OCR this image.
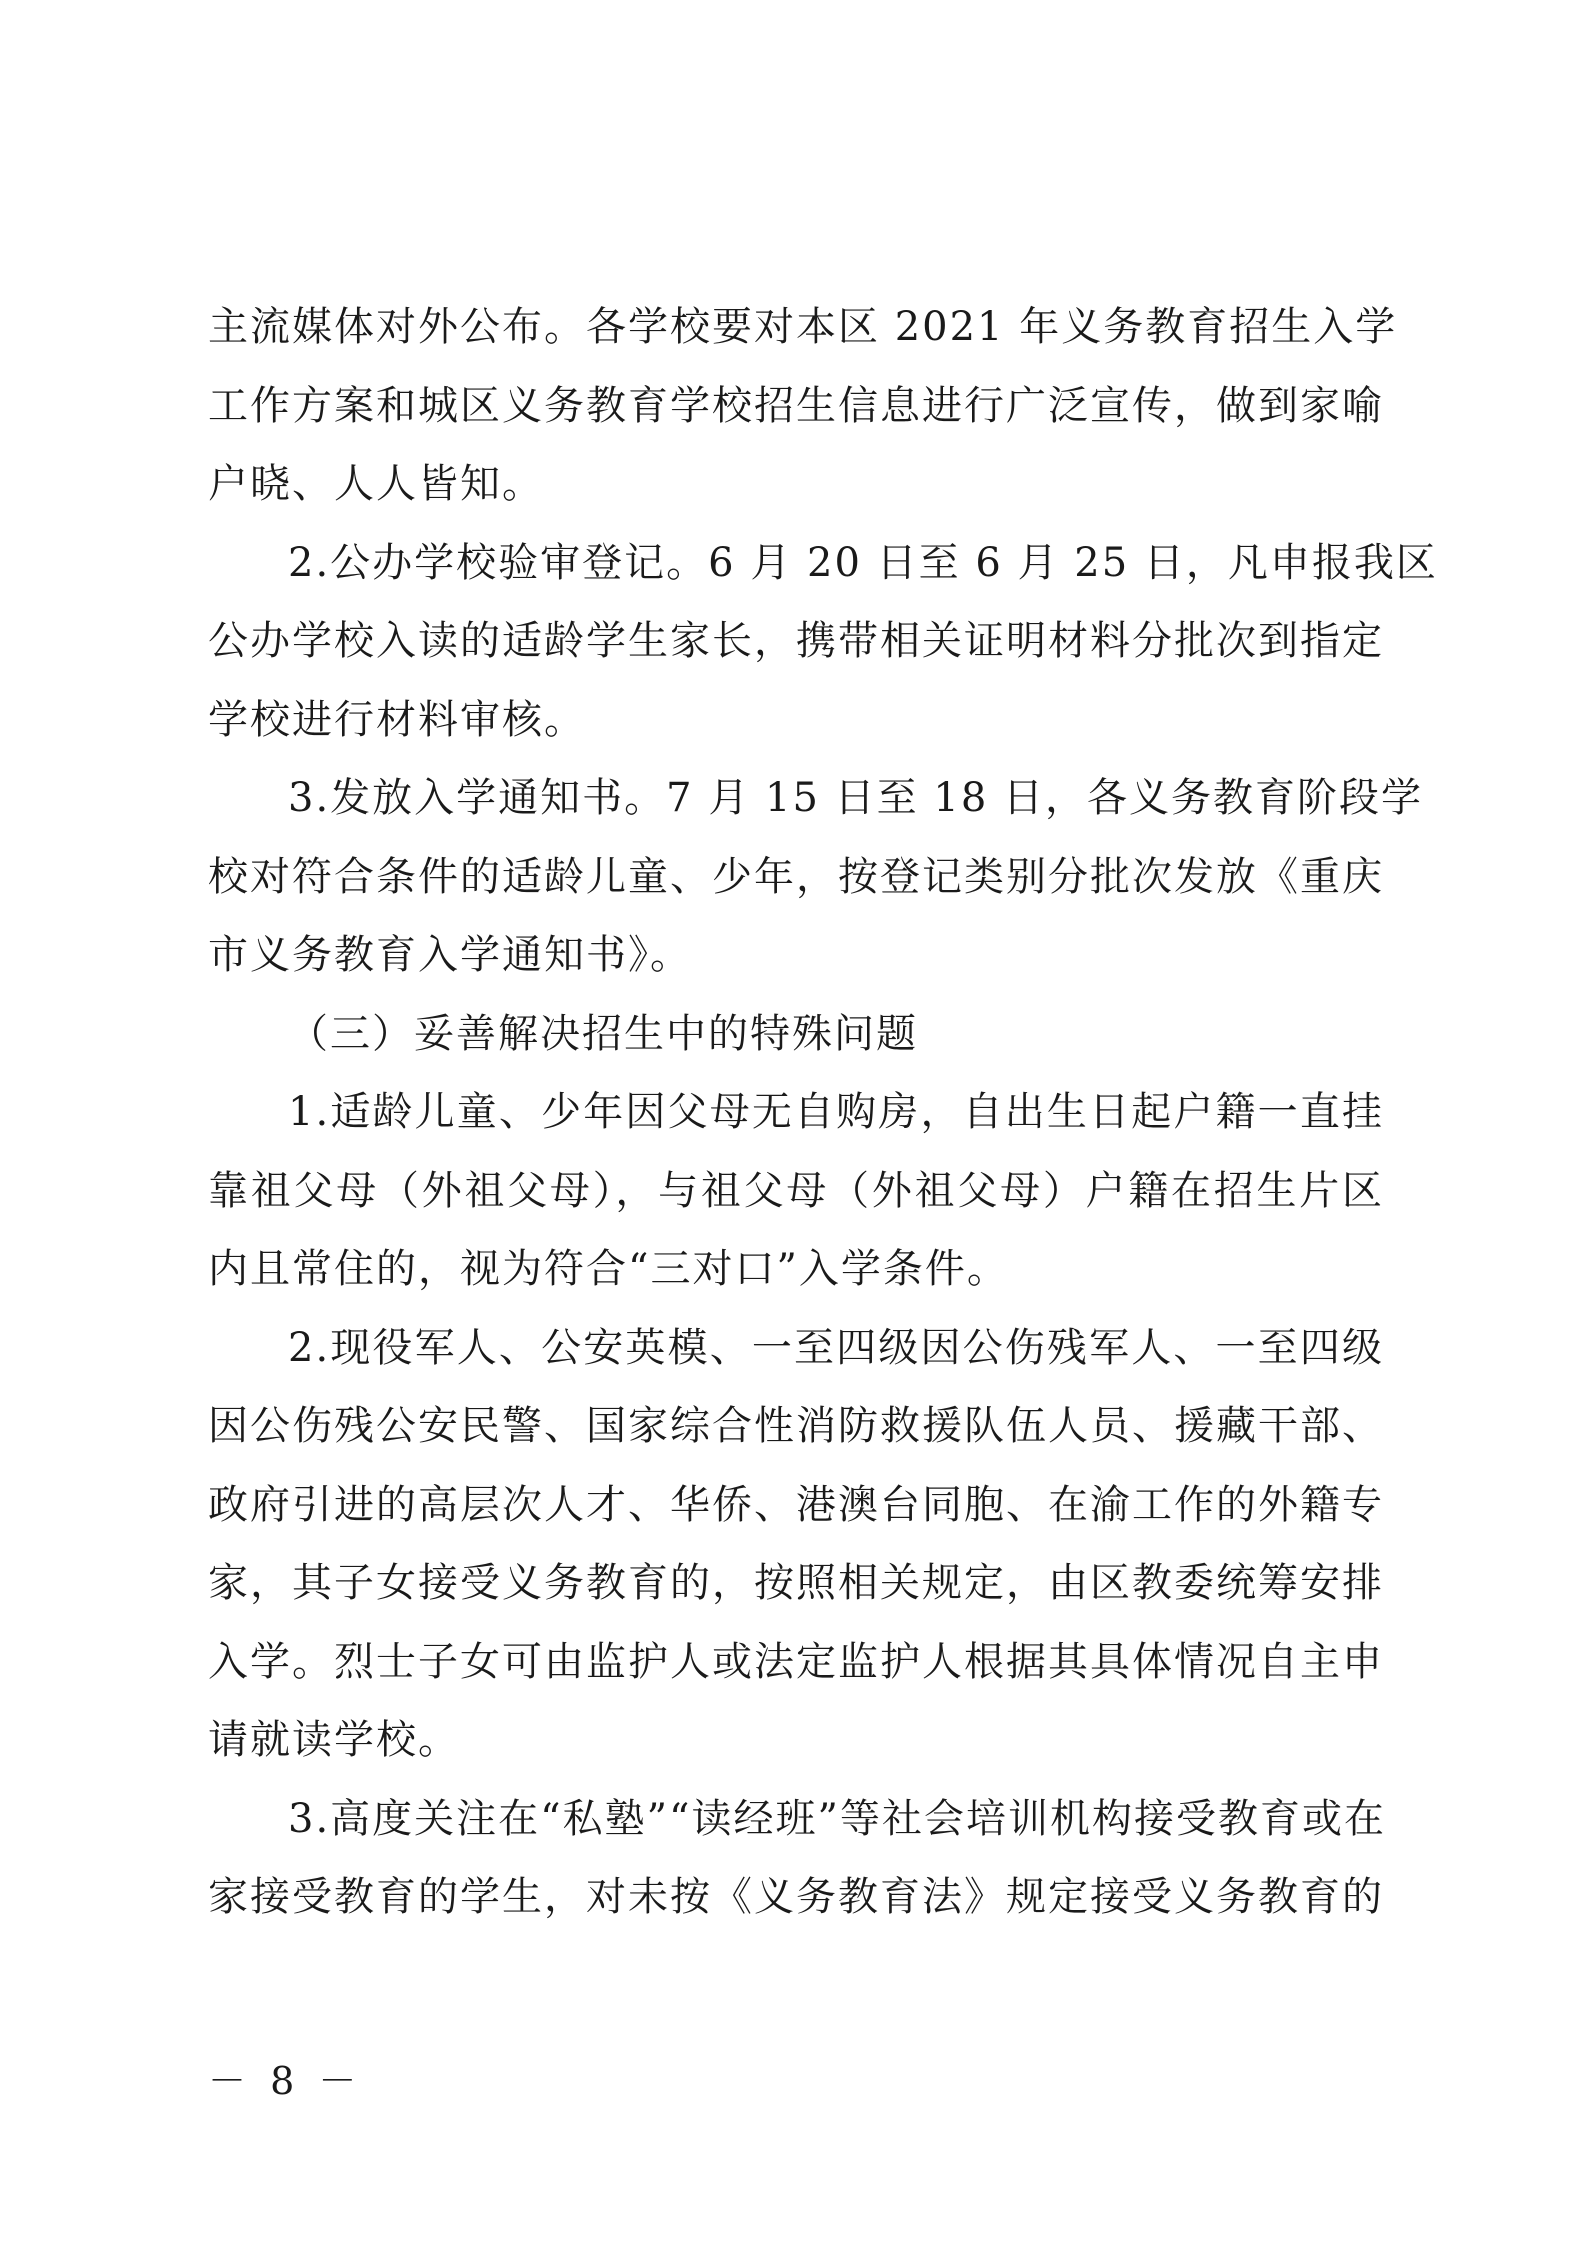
主流媒体对外公布。各学校要对本区 2021 年义务教育招生入学
工作方案和城区义务教育学校招生信息进行广泛宣传，做到家喻
户晓、人人皆知。
2.公办学校验审登记。6 月 20 日至 6 月 25 日，凡申报我区
公办学校入读的适龄学生家长，携带相关证明材料分批次到指定
学校进行材料审核。
3.发放入学通知书。7 月 15 日至 18 日，各义务教育阶段学
校对符合条件的适龄儿童、少年，按登记类别分批次发放《重庆
市义务教育入学通知书》。
（三）妥善解决招生中的特殊问题
1.适龄儿童、少年因父母无自购房，自出生日起户籍一直挂
靠祖父母（外祖父母），与祖父母（外祖父母）户籍在招生片区
内且常住的，视为符合“三对口”入学条件。
2.现役军人、公安英模、一至四级因公伤残军人、一至四级
因公伤残公安民警、国家综合性消防救援队伍人员、援藏干部、
政府引进的高层次人才、华侨、港澳台同胞、在渝工作的外籍专
家，其子女接受义务教育的，按照相关规定，由区教委统筹安排
入学。烈士子女可由监护人或法定监护人根据其具体情况自主申
请就读学校。
3.高度关注在“私塾”“读经班”等社会培训机构接受教育或在
家接受教育的学生，对未按《义务教育法》规定接受义务教育的
－ 8 －
